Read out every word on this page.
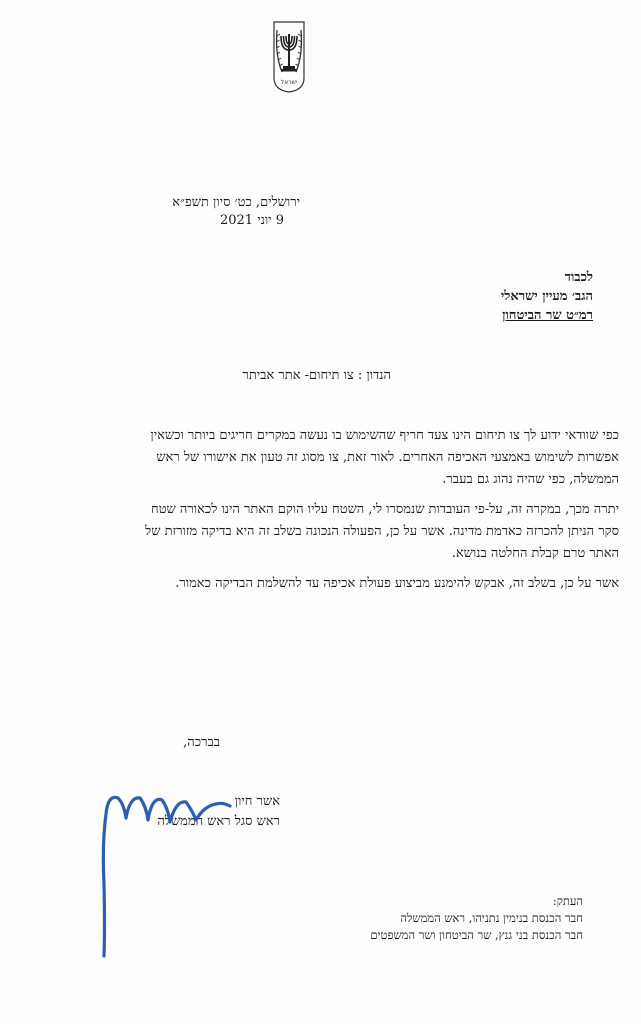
ישראל
ירושלים, כט׳ סיון תשפ״א
9 יוני 2021
לכבוד
הגב׳ מעיין ישראלי
רמ״ט שר הביטחון
הנדון : צו תיחום- אתר אביתר

כפי שוודאי ידוע לך צו תיחום הינו צעד חריף שהשימוש בו נעשה במקרים חריגים ביותר וכשאין

אפשרות לשימוש באמצעי האכיפה האחרים. לאור זאת, צו מסוג זה טעון את אישורו של ראש

הממשלה, כפי שהיה נהוג גם בעבר.

יתרה מכך, במקרה זה, על-פי העובדות שנמסרו לי, השטח עליו הוקם האתר הינו לכאורה שטח

סקר הניתן להכרזה כאדמת מדינה. אשר על כן, הפעולה הנכונה בשלב זה היא בדיקה מזורזת של

האתר טרם קבלת החלטה בנושא.

אשר על כן, בשלב זה, אבקש להימנע מביצוע פעולת אכיפה עד להשלמת הבדיקה כאמור.

בברכה,
אשר חיון
ראש סגל ראש הממשלה
העתק:
חבר הכנסת בנימין נתניהו, ראש הממשלה
חבר הכנסת בני גנץ, שר הביטחון ושר המשפטים
